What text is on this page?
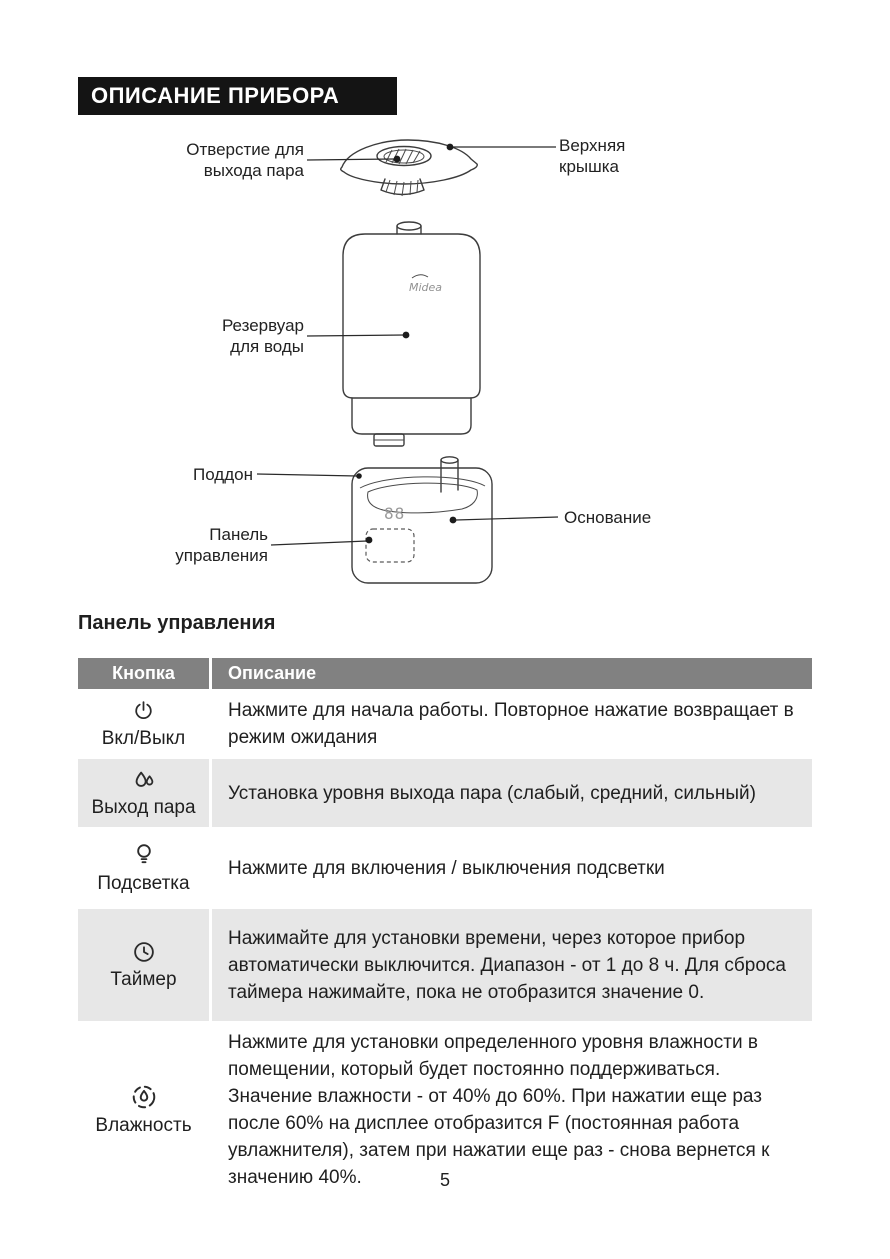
ОПИСАНИЕ ПРИБОРА
Midea
88
Отверстие для выхода пара
Верхняя крышка
Резервуар для воды
Поддон
Панель управления
Основание
Панель управления
Кнопка	Описание
Вкл/Выкл
Нажмите для начала работы. Повторное нажатие возвращает в режим ожидания
Выход пара
Установка уровня выхода пара (слабый, средний, сильный)
Подсветка
Нажмите для включения / выключения подсветки
Таймер
Нажимайте для установки времени, через которое прибор автоматически выключится. Диапазон - от 1 до 8 ч. Для сброса таймера нажимайте, пока не отобразится значение 0.
Влажность
Нажмите для установки определенного уровня влажности в помещении, который будет постоянно поддерживаться. Значение влажности - от 40% до 60%. При нажатии еще раз после 60% на дисплее отобразится F (постоянная работа увлажнителя), затем при нажатии еще раз - снова вернется к значению 40%.	5
